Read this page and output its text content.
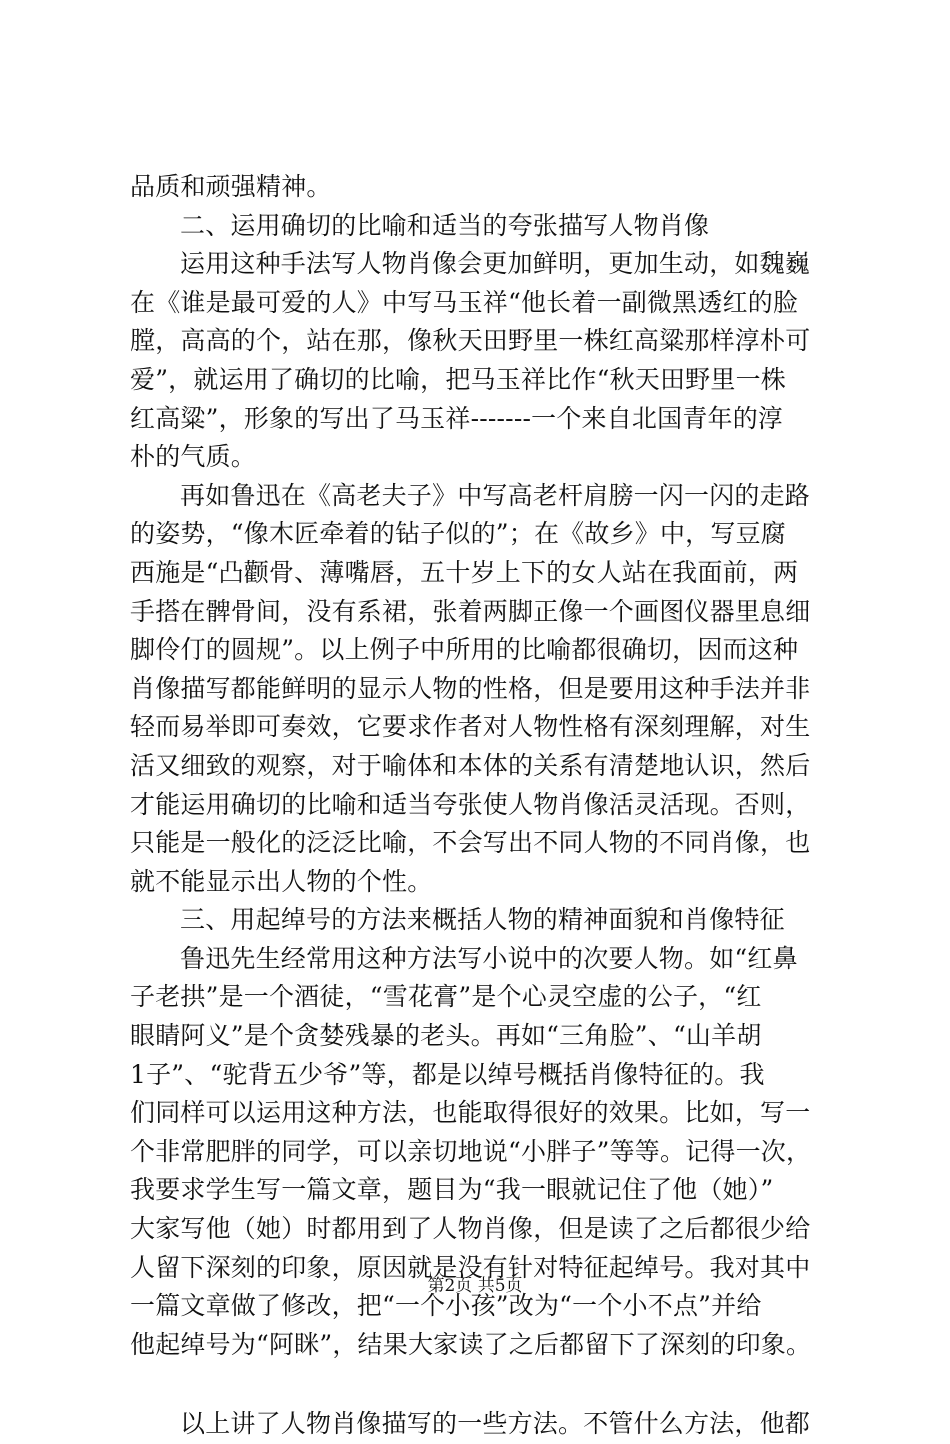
品质和顽强精神。
二、运用确切的比喻和适当的夸张描写人物肖像
运用这种手法写人物肖像会更加鲜明，更加生动，如魏巍
在《谁是最可爱的人》中写马玉祥“他长着一副微黑透红的脸
膛，高高的个，站在那，像秋天田野里一株红高粱那样淳朴可
爱”，就运用了确切的比喻，把马玉祥比作“秋天田野里一株
红高粱”，形象的写出了马玉祥-------一个来自北国青年的淳
朴的气质。
再如鲁迅在《高老夫子》中写高老杆肩膀一闪一闪的走路
的姿势，“像木匠牵着的钻子似的”；在《故乡》中，写豆腐
西施是“凸颧骨、薄嘴唇，五十岁上下的女人站在我面前，两
手搭在髀骨间，没有系裙，张着两脚正像一个画图仪器里息细
脚伶仃的圆规”。以上例子中所用的比喻都很确切，因而这种
肖像描写都能鲜明的显示人物的性格，但是要用这种手法并非
轻而易举即可奏效，它要求作者对人物性格有深刻理解，对生
活又细致的观察，对于喻体和本体的关系有清楚地认识，然后
才能运用确切的比喻和适当夸张使人物肖像活灵活现。否则，
只能是一般化的泛泛比喻，不会写出不同人物的不同肖像，也
就不能显示出人物的个性。
三、用起绰号的方法来概括人物的精神面貌和肖像特征
鲁迅先生经常用这种方法写小说中的次要人物。如“红鼻
子老拱”是一个酒徒，“雪花膏”是个心灵空虚的公子，“红
眼睛阿义”是个贪婪残暴的老头。再如“三角脸”、“山羊胡
1子”、“驼背五少爷”等，都是以绰号概括肖像特征的。我
们同样可以运用这种方法，也能取得很好的效果。比如，写一
个非常肥胖的同学，可以亲切地说“小胖子”等等。记得一次，
我要求学生写一篇文章，题目为“我一眼就记住了他（她）”
大家写他（她）时都用到了人物肖像，但是读了之后都很少给
人留下深刻的印象，原因就是没有针对特征起绰号。我对其中
一篇文章做了修改，把“一个小孩”改为“一个小不点”并给
他起绰号为“阿眯”，结果大家读了之后都留下了深刻的印象。
以上讲了人物肖像描写的一些方法。不管什么方法，他都
第2页 共5页
